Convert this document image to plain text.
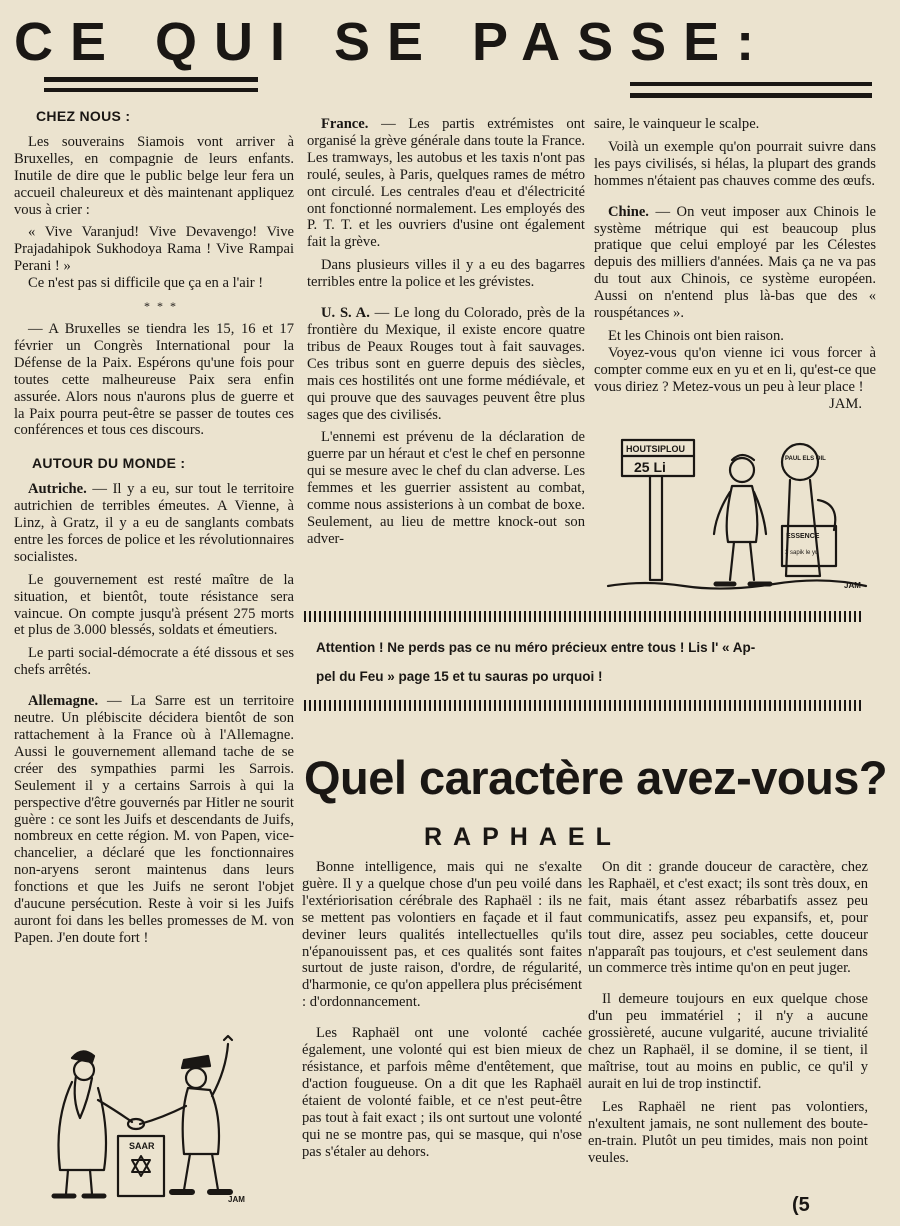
CE QUI SE PASSE:
CHEZ NOUS :

Les souverains Siamois vont arriver à Bruxelles, en compagnie de leurs enfants. Inutile de dire que le public belge leur fera un accueil chaleureux et dès maintenant appliquez vous à crier :

« Vive Varanjud! Vive Devavengo! Vive Prajadahipok Sukhodoya Rama ! Vive Rampai Perani ! »

Ce n'est pas si difficile que ça en a l'air !

* * *

— A Bruxelles se tiendra les 15, 16 et 17 février un Congrès International pour la Défense de la Paix. Espérons qu'une fois pour toutes cette malheureuse Paix sera enfin assurée. Alors nous n'aurons plus de guerre et la Paix pourra peut-être se passer de toutes ces conférences et tous ces discours.

AUTOUR DU MONDE :

Autriche. — Il y a eu, sur tout le territoire autrichien de terribles émeutes. A Vienne, à Linz, à Gratz, il y a eu de sanglants combats entre les forces de police et les révolutionnaires socialistes.

Le gouvernement est resté maître de la situation, et bientôt, toute résistance sera vaincue. On compte jusqu'à présent 275 morts et plus de 3.000 blessés, soldats et émeutiers.

Le parti social-démocrate a été dissous et ses chefs arrêtés.

Allemagne. — La Sarre est un territoire neutre. Un plébiscite décidera bientôt de son rattachement à la France où à l'Allemagne. Aussi le gouvernement allemand tache de se créer des sympathies parmi les Sarrois. Seulement il y a certains Sarrois à qui la perspective d'être gouvernés par Hitler ne sourit guère : ce sont les Juifs et descendants de Juifs, nombreux en cette région. M. von Papen, vice-chancelier, a déclaré que les fonctionnaires non-aryens seront maintenus dans leurs fonctions et que les Juifs ne seront l'objet d'aucune persécution. Reste à voir si les Juifs auront foi dans les belles promesses de M. von Papen. J'en doute fort !

SAAR
JAM

France. — Les partis extrémistes ont organisé la grève générale dans toute la France. Les tramways, les autobus et les taxis n'ont pas roulé, seules, à Paris, quelques rames de métro ont circulé. Les centrales d'eau et d'électricité ont fonctionné normalement. Les employés des P. T. T. et les ouvriers d'usine ont également fait la grève.

Dans plusieurs villes il y a eu des bagarres terribles entre la police et les grévistes.

U. S. A. — Le long du Colorado, près de la frontière du Mexique, il existe encore quatre tribus de Peaux Rouges tout à fait sauvages. Ces tribus sont en guerre depuis des siècles, mais ces hostilités ont une forme médiévale, et qui prouve que des sauvages peuvent être plus sages que des civilisés.

L'ennemi est prévenu de la déclaration de guerre par un héraut et c'est le chef en personne qui se mesure avec le chef du clan adverse. Les femmes et les guerrier assistent au combat, comme nous assisterions à un combat de boxe. Seulement, au lieu de mettre knock-out son adver-

saire, le vainqueur le scalpe.

Voilà un exemple qu'on pourrait suivre dans les pays civilisés, si hélas, la plupart des grands hommes n'étaient pas chauves comme des œufs.

Chine. — On veut imposer aux Chinois le système métrique qui est beaucoup plus pratique que celui employé par les Célestes depuis des milliers d'années. Mais ça ne va pas du tout aux Chinois, ce système européen. Aussi on n'entend plus là-bas que des « rouspétances ».

Et les Chinois ont bien raison.

Voyez-vous qu'on vienne ici vous forcer à compter comme eux en yu et en li, qu'est-ce que vous diriez ? Metez-vous un peu à leur place !

JAM.

HOUTSIPLOU
25 Li	PAUL ELS OIL
ESSENCE
3 sapik le yu
JAM
Attention ! Ne perds pas ce nu méro précieux entre tous ! Lis l' « Ap-
pel du Feu » page 15 et tu sauras po urquoi !
Quel caractère avez-vous?
RAPHAEL

Bonne intelligence, mais qui ne s'exalte guère. Il y a quelque chose d'un peu voilé dans l'extériorisation cérébrale des Raphaël : ils ne se mettent pas volontiers en façade et il faut deviner leurs qualités intellectuelles qu'ils n'épanouissent pas, et ces qualités sont faites surtout de juste raison, d'ordre, de régularité, d'harmonie, ce qu'on appellera plus précisément : d'ordonnancement.

Les Raphaël ont une volonté cachée également, une volonté qui est bien mieux de résistance, et parfois même d'entêtement, que d'action fougueuse. On a dit que les Raphaël étaient de volonté faible, et ce n'est peut-être pas tout à fait exact ; ils ont surtout une volonté qui ne se montre pas, qui se masque, qui n'ose pas s'étaler au dehors.

On dit : grande douceur de caractère, chez les Raphaël, et c'est exact; ils sont très doux, en fait, mais étant assez rébarbatifs assez peu communicatifs, assez peu expansifs, et, pour tout dire, assez peu sociables, cette douceur n'apparaît pas toujours, et c'est seulement dans un commerce très intime qu'on en peut juger.

Il demeure toujours en eux quelque chose d'un peu immatériel ; il n'y a aucune grossièreté, aucune vulgarité, aucune trivialité chez un Raphaël, il se domine, il se tient, il maîtrise, tout au moins en public, ce qu'il y aurait en lui de trop instinctif.

Les Raphaël ne rient pas volontiers, n'exultent jamais, ne sont nullement des boute-en-train. Plutôt un peu timides, mais non point veules.

(5
